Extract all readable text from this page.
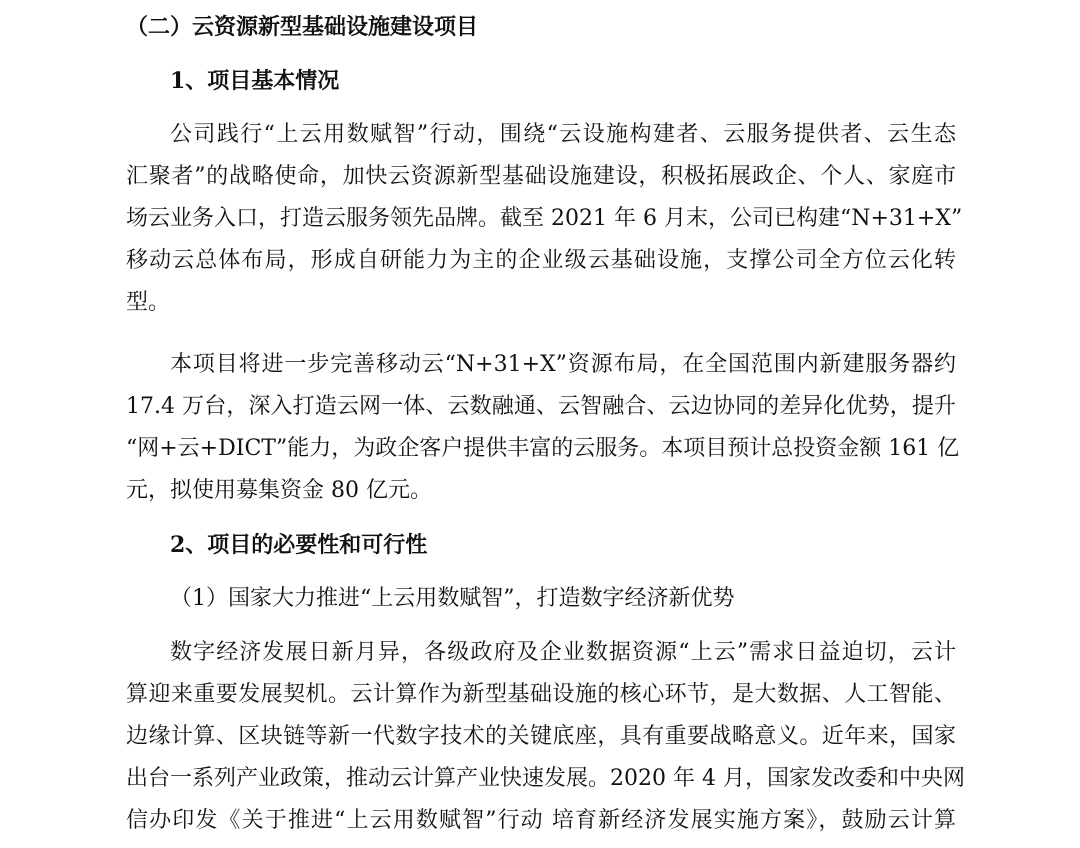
（二）云资源新型基础设施建设项目
1、项目基本情况
公司践行“上云用数赋智”行动，围绕“云设施构建者、云服务提供者、云生态
汇聚者”的战略使命，加快云资源新型基础设施建设，积极拓展政企、个人、家庭市
场云业务入口，打造云服务领先品牌。截至 2021 年 6 月末，公司已构建“N+31+X”
移动云总体布局，形成自研能力为主的企业级云基础设施，支撑公司全方位云化转
型。
本项目将进一步完善移动云“N+31+X”资源布局，在全国范围内新建服务器约
17.4 万台，深入打造云网一体、云数融通、云智融合、云边协同的差异化优势，提升
“网+云+DICT”能力，为政企客户提供丰富的云服务。本项目预计总投资金额 161 亿
元，拟使用募集资金 80 亿元。
2、项目的必要性和可行性
（1）国家大力推进“上云用数赋智”，打造数字经济新优势
数字经济发展日新月异，各级政府及企业数据资源“上云”需求日益迫切，云计
算迎来重要发展契机。云计算作为新型基础设施的核心环节，是大数据、人工智能、
边缘计算、区块链等新一代数字技术的关键底座，具有重要战略意义。近年来，国家
出台一系列产业政策，推动云计算产业快速发展。2020 年 4 月，国家发改委和中央网
信办印发《关于推进“上云用数赋智”行动 培育新经济发展实施方案》，鼓励云计算
